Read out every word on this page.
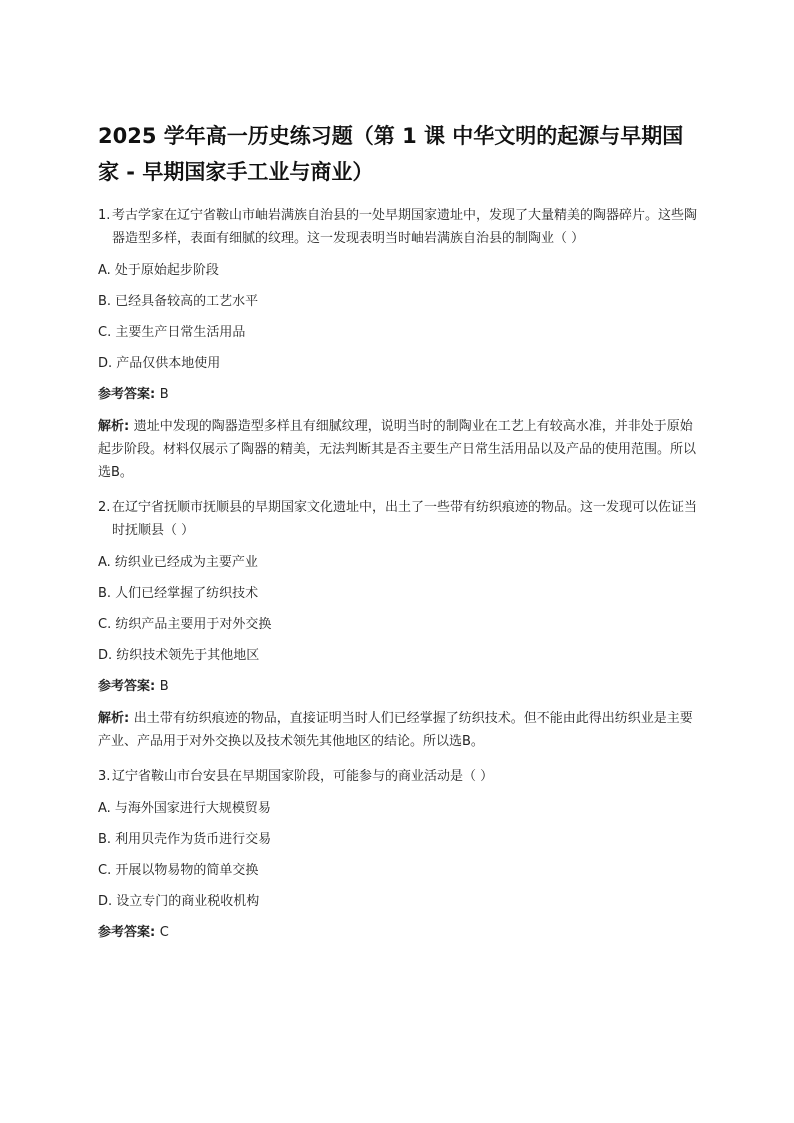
2025 学年高一历史练习题（第 1 课 中华文明的起源与早期国家 - 早期国家手工业与商业）
1. 考古学家在辽宁省鞍山市岫岩满族自治县的一处早期国家遗址中，发现了大量精美的陶器碎片。这些陶器造型多样，表面有细腻的纹理。这一发现表明当时岫岩满族自治县的制陶业（ ）
A. 处于原始起步阶段
B. 已经具备较高的工艺水平
C. 主要生产日常生活用品
D. 产品仅供本地使用
参考答案: B
解析: 遗址中发现的陶器造型多样且有细腻纹理，说明当时的制陶业在工艺上有较高水准，并非处于原始起步阶段。材料仅展示了陶器的精美，无法判断其是否主要生产日常生活用品以及产品的使用范围。所以选B。
2. 在辽宁省抚顺市抚顺县的早期国家文化遗址中，出土了一些带有纺织痕迹的物品。这一发现可以佐证当时抚顺县（ ）
A. 纺织业已经成为主要产业
B. 人们已经掌握了纺织技术
C. 纺织产品主要用于对外交换
D. 纺织技术领先于其他地区
参考答案: B
解析: 出土带有纺织痕迹的物品，直接证明当时人们已经掌握了纺织技术。但不能由此得出纺织业是主要产业、产品用于对外交换以及技术领先其他地区的结论。所以选B。
3. 辽宁省鞍山市台安县在早期国家阶段，可能参与的商业活动是（ ）
A. 与海外国家进行大规模贸易
B. 利用贝壳作为货币进行交易
C. 开展以物易物的简单交换
D. 设立专门的商业税收机构
参考答案: C
